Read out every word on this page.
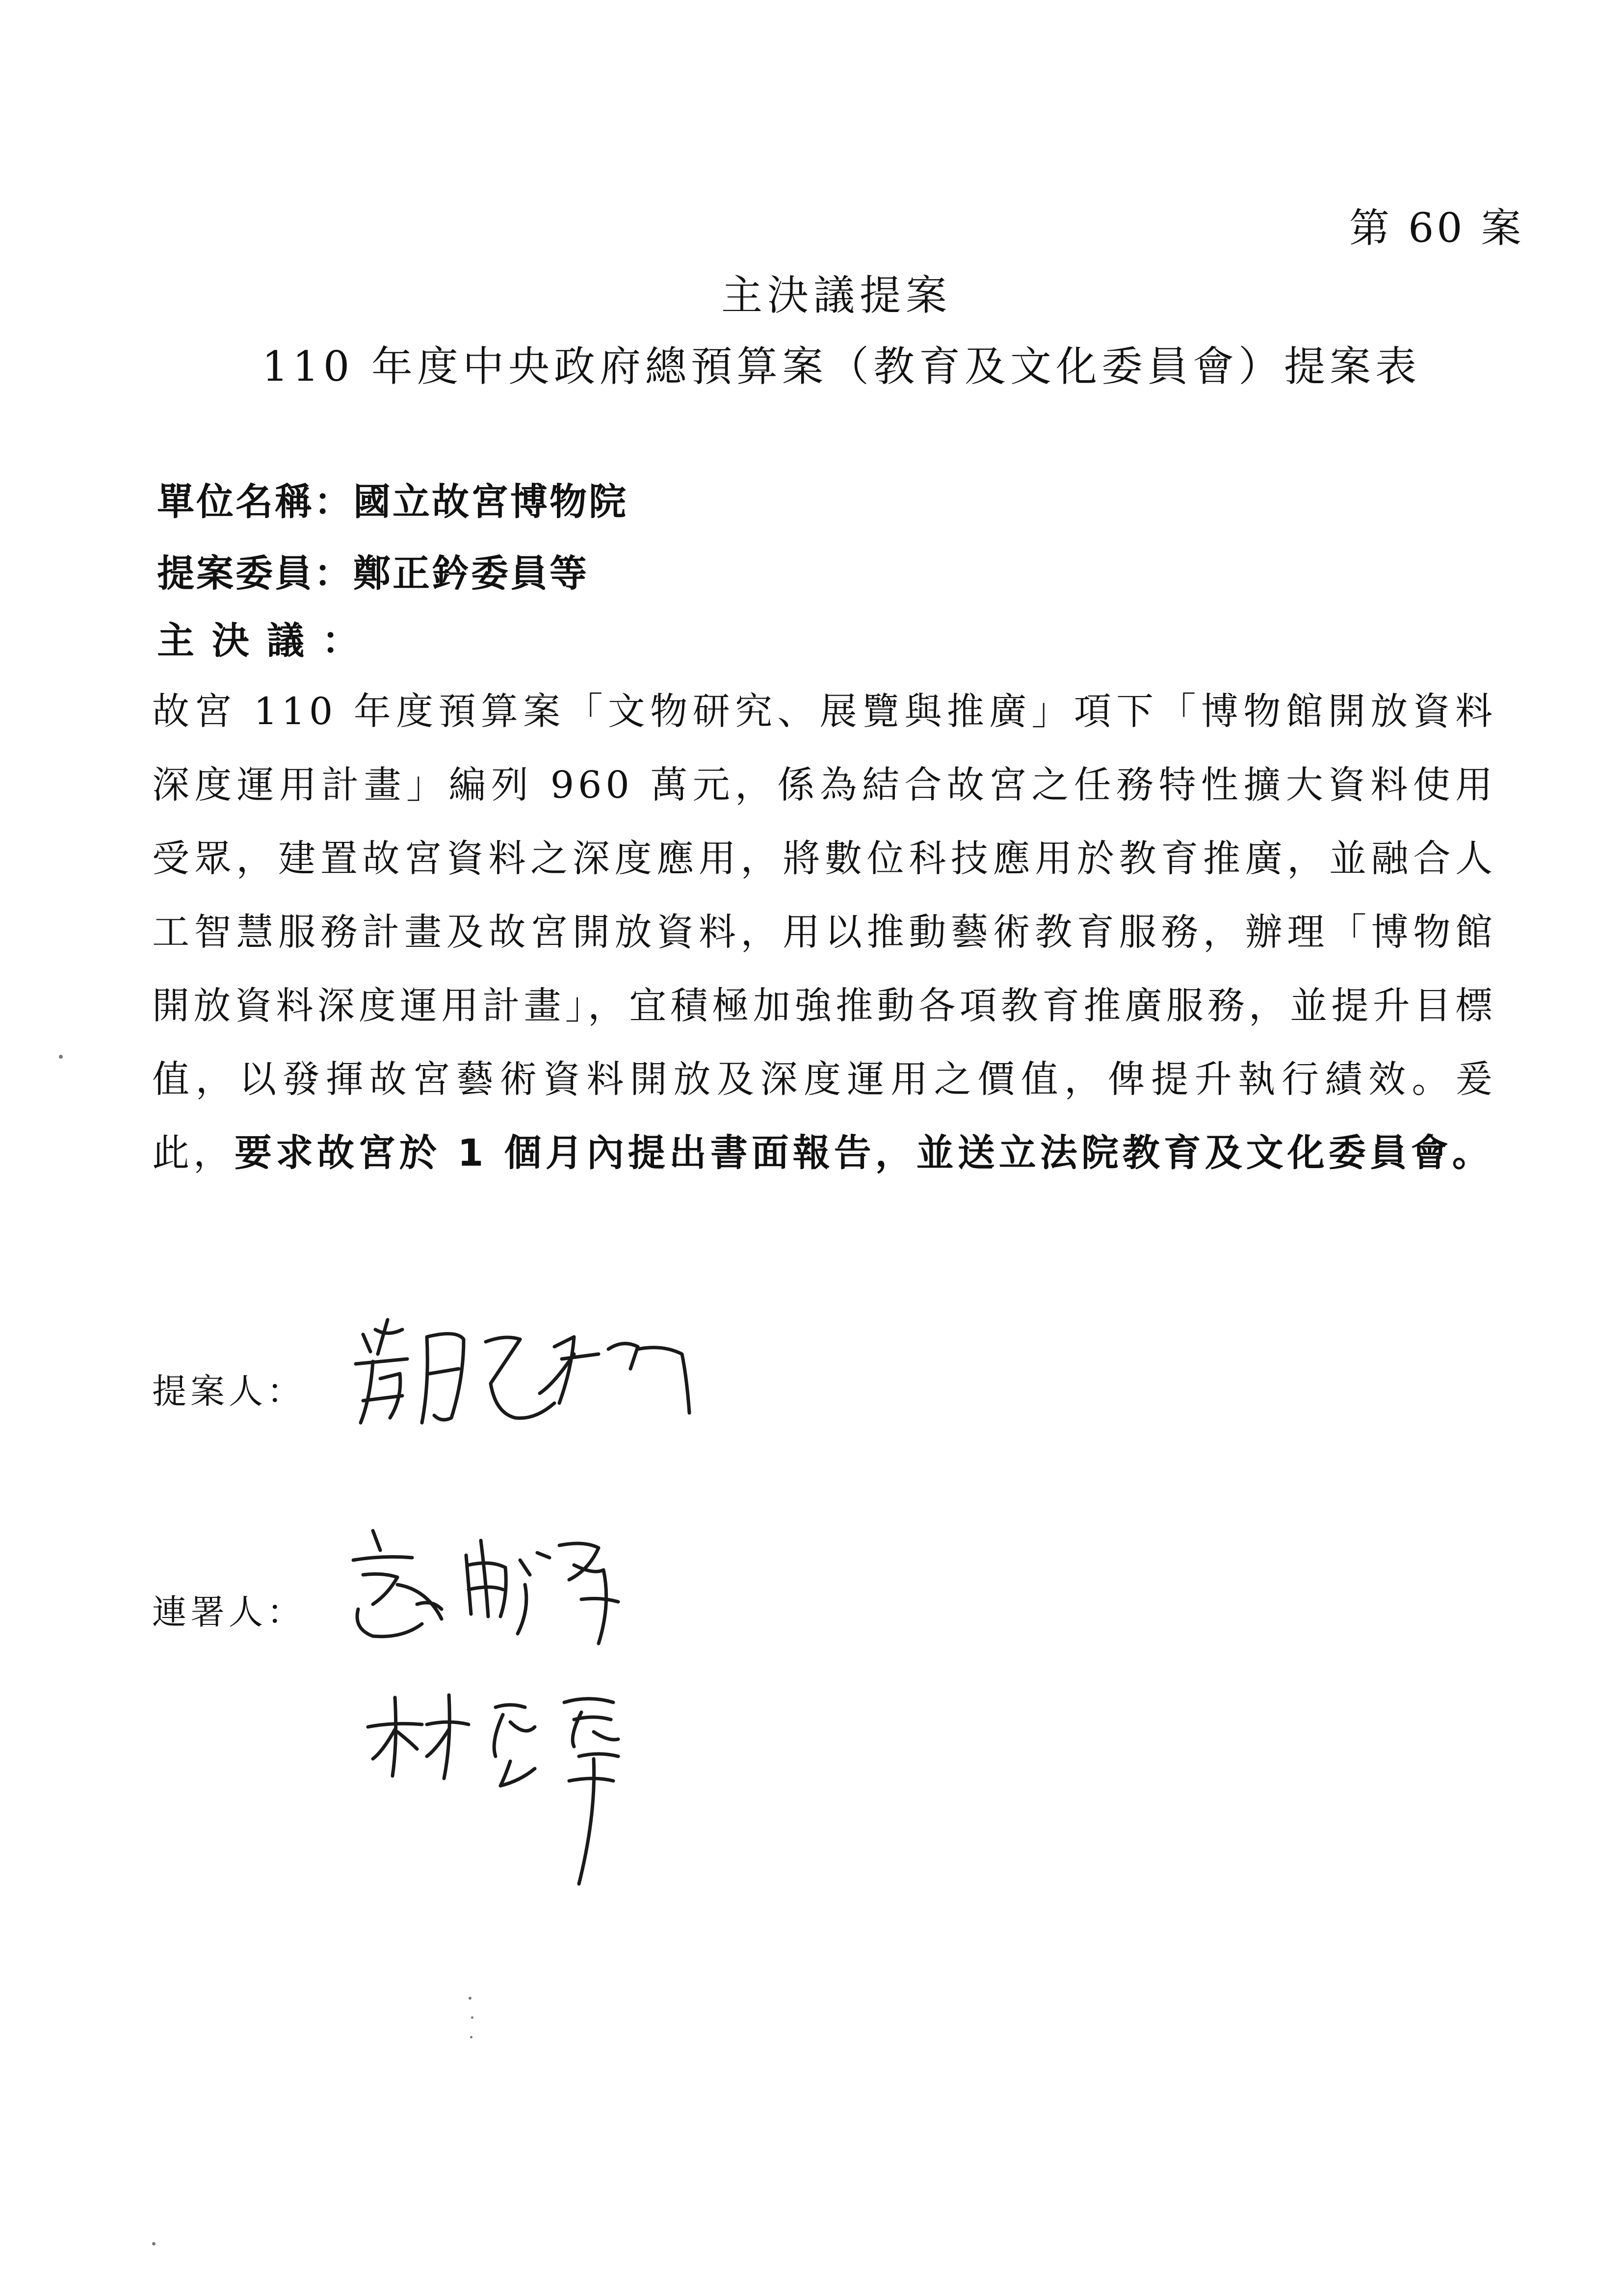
第 60 案
主決議提案
110 年度中央政府總預算案（教育及文化委員會）提案表
單位名稱：國立故宮博物院
提案委員：鄭正鈐委員等
主決議：
故宮 110 年度預算案「文物研究、展覽與推廣」項下「博物館開放資料深度運用計畫」編列 960 萬元，係為結合故宮之任務特性擴大資料使用受眾，建置故宮資料之深度應用，將數位科技應用於教育推廣，並融合人工智慧服務計畫及故宮開放資料，用以推動藝術教育服務，辦理「博物館開放資料深度運用計畫」，宜積極加強推動各項教育推廣服務，並提升目標值，以發揮故宮藝術資料開放及深度運用之價值，俾提升執行績效。爰此，要求故宮於 1 個月內提出書面報告，並送立法院教育及文化委員會。
提案人：
連署人：
